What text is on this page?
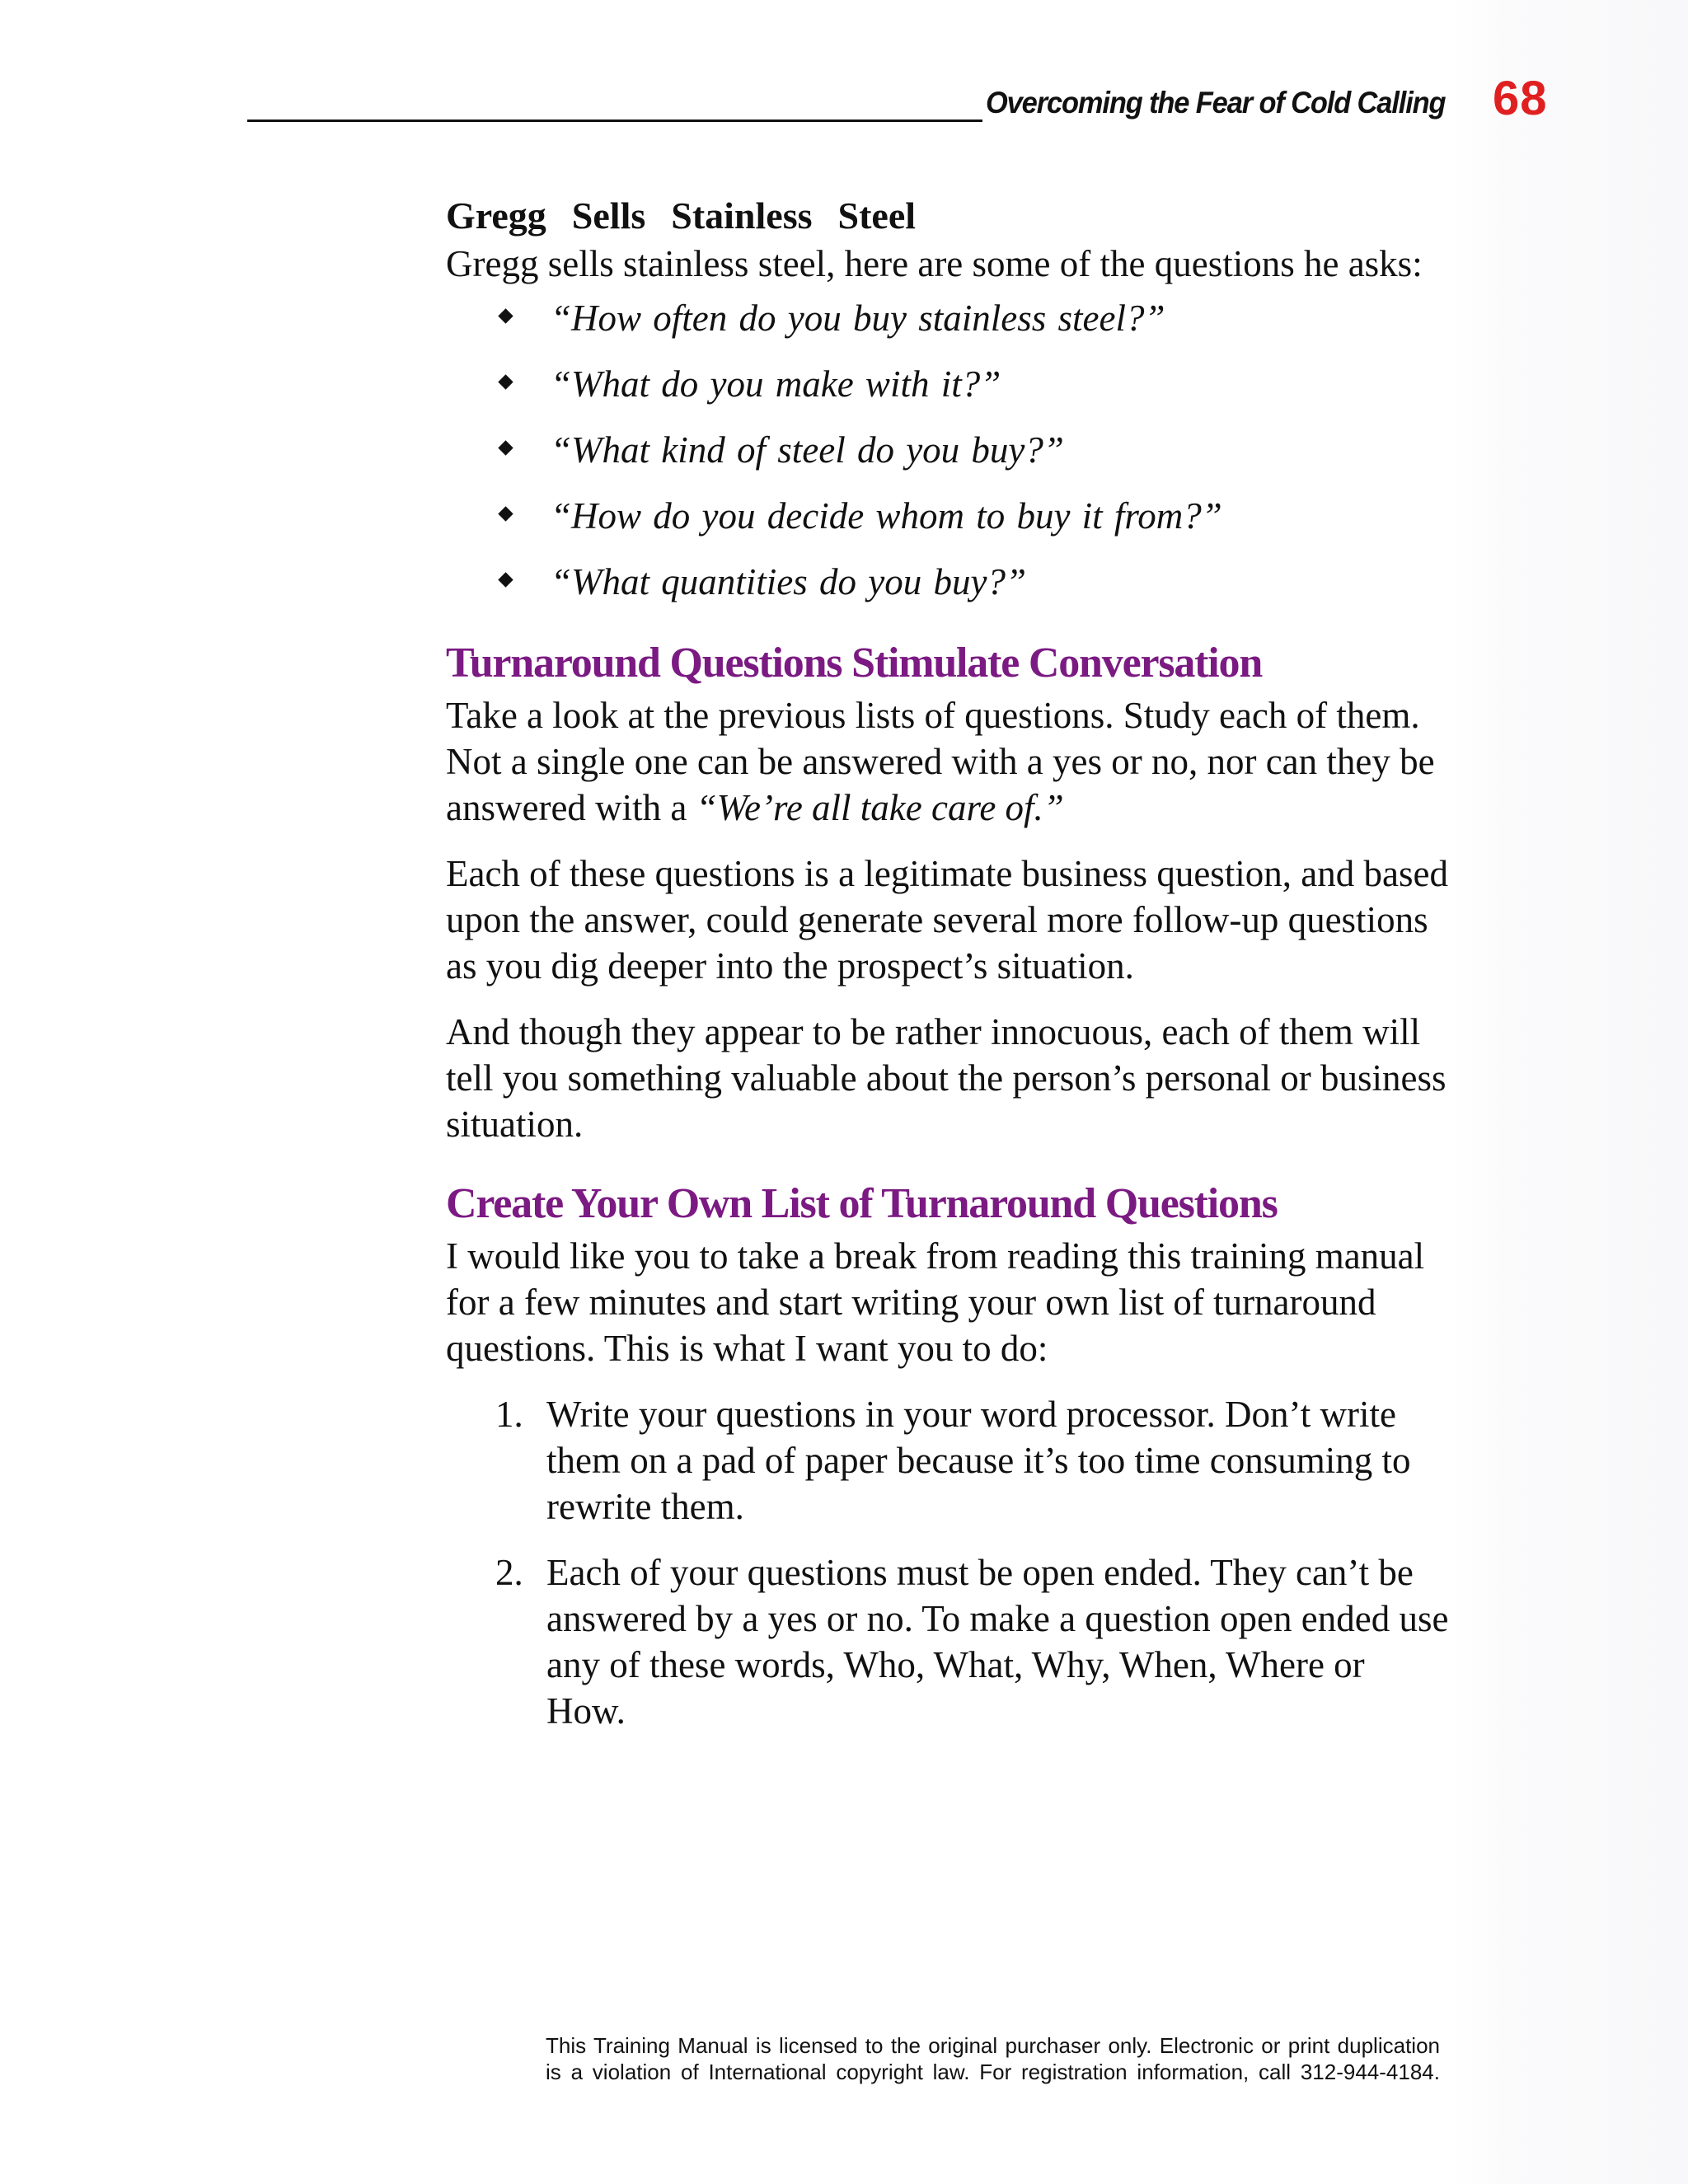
Overcoming the Fear of Cold Calling 68
Gregg  Sells  Stainless  Steel

Gregg sells stainless steel, here are some of the questions he asks:

“How often do you buy stainless steel?”
“What do you make with it?”
“What kind of steel do you buy?”
“How do you decide whom to buy it from?”
“What quantities do you buy?”
Turnaround Questions Stimulate Conversation

Take a look at the previous lists of questions. Study each of them. Not a single one can be answered with a yes or no, nor can they be answered with a “We’re all take care of.”

Each of these questions is a legitimate business question, and based upon the answer, could generate several more follow-up questions as you dig deeper into the prospect’s situation.

And though they appear to be rather innocuous, each of them will tell you something valuable about the person’s personal or business situation.

Create Your Own List of Turnaround Questions

I would like you to take a break from reading this training manual for a few minutes and start writing your own list of turnaround questions. This is what I want you to do:

1. Write your questions in your word processor. Don’t write them on a pad of paper because it’s too time consuming to rewrite them.
2. Each of your questions must be open ended. They can’t be answered by a yes or no. To make a question open ended use any of these words, Who, What, Why, When, Where or How.
This Training Manual is licensed to the original purchaser only. Electronic or print duplication
is a violation of International copyright law. For registration information, call 312-944-4184.
